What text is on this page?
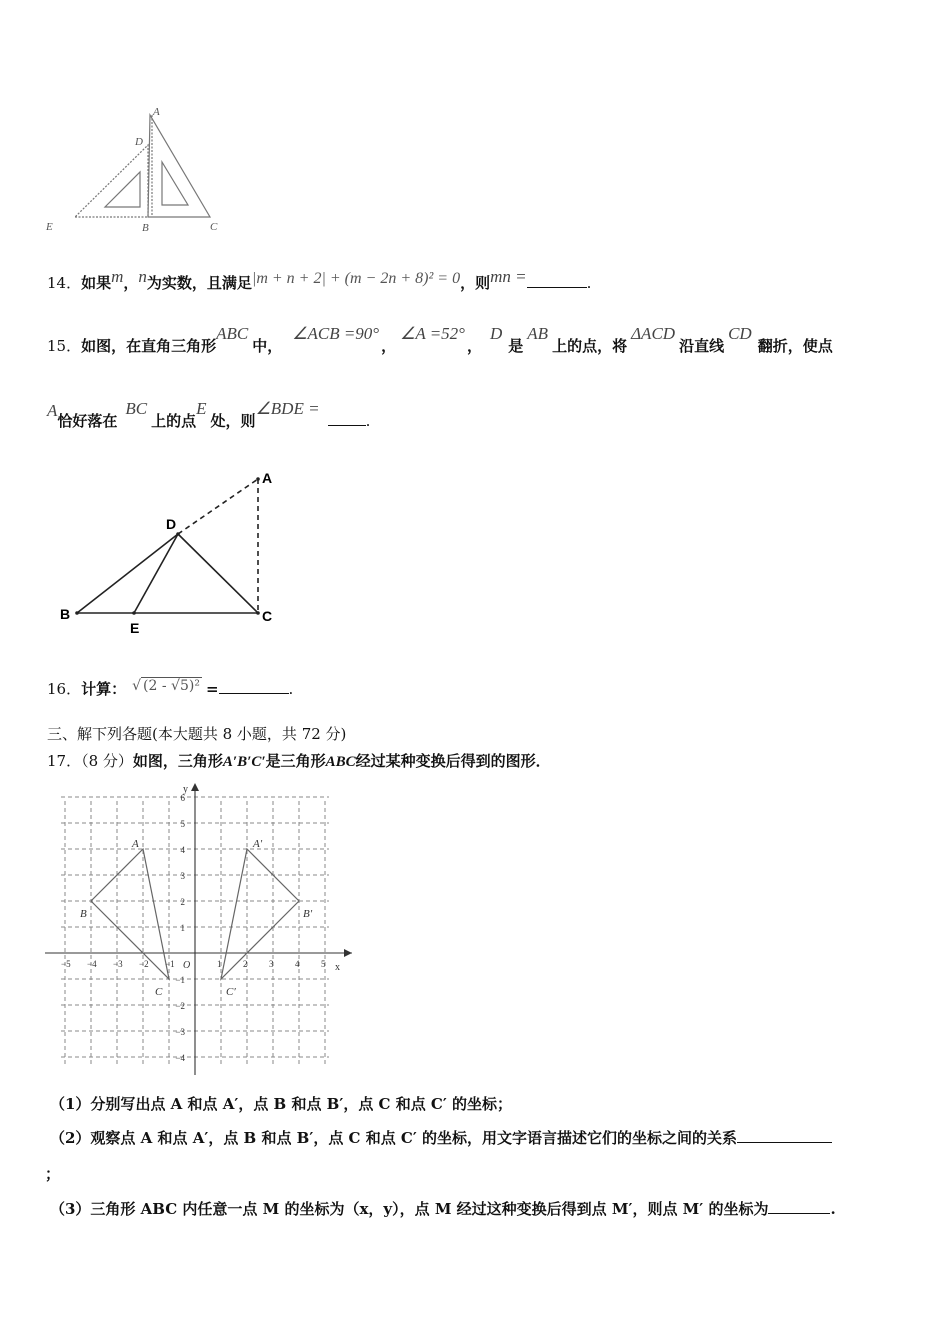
A
D
E	B	C
14．如果m，n为实数，且满足|m + n + 2| + (m − 2n + 8)² = 0，则mn =	.
15．如图，在直角三角形ABC中，∠ACB =90°，∠A =52°，D是AB上的点，将ΔACD沿直线CD翻折，使点
A恰好落在BC上的点E处，则∠BDE =.
A
D
B
E
C
16．计算： √ (2 - √5)² =	.
三、解下列各题(本大题共 8 小题，共 72 分)
17．（8 分）如图，三角形A′B′C′是三角形ABC经过某种变换后得到的图形．
x
y
O
−5 −4 −3 −2 −1	1 2 3 4 5
6
5
4
3
2
1
−1
−2
−3
−4
A
B
C
A′
B′
C′
（1）分别写出点 A 和点 A′，点 B 和点 B′，点 C 和点 C′ 的坐标；
（2）观察点 A 和点 A′，点 B 和点 B′，点 C 和点 C′ 的坐标，用文字语言描述它们的坐标之间的关系
；
（3）三角形 ABC 内任意一点 M 的坐标为（x，y），点 M 经过这种变换后得到点 M′，则点 M′ 的坐标为	.
